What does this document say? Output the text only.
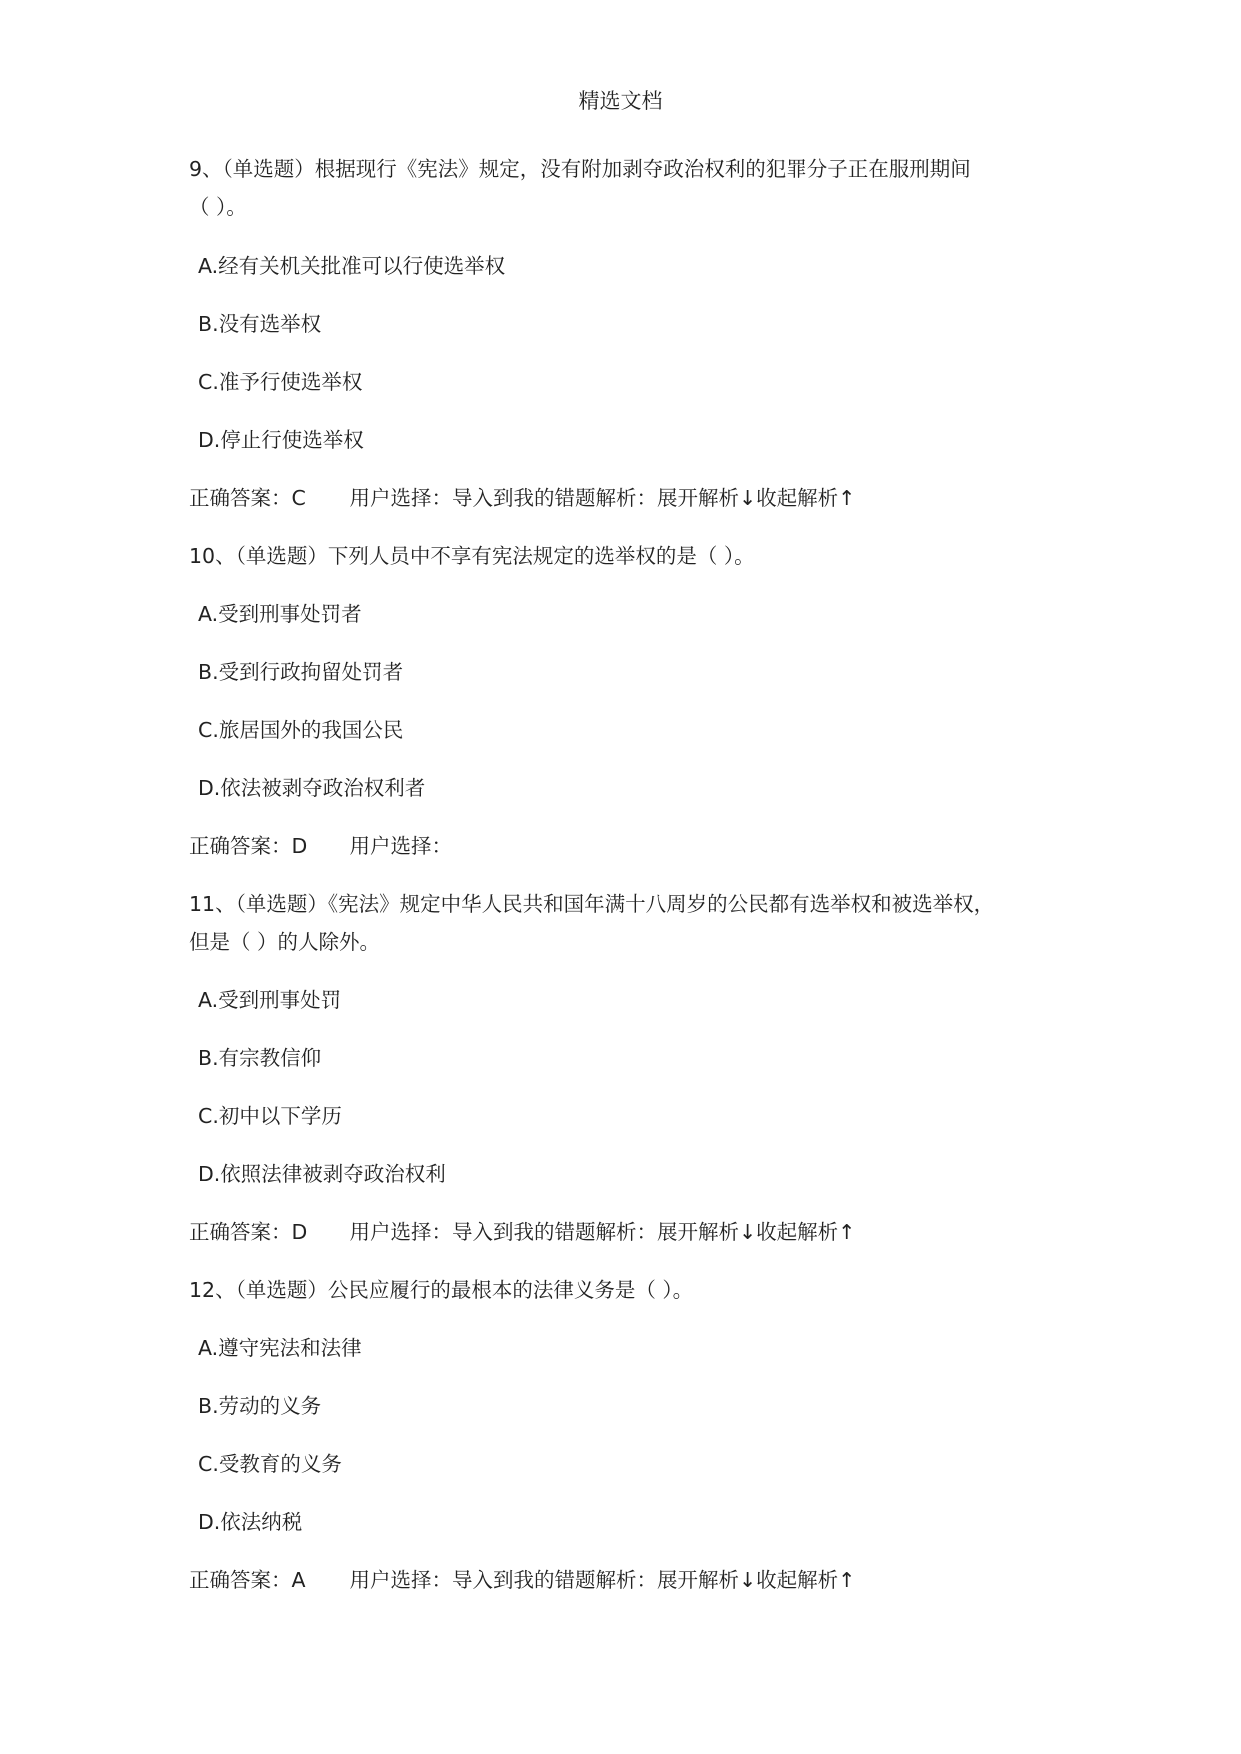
精选文档
9、（单选题）根据现行《宪法》规定，没有附加剥夺政治权利的犯罪分子正在服刑期间
（ ）。
A.经有关机关批准可以行使选举权
B.没有选举权
C.准予行使选举权
D.停止行使选举权
正确答案：C 用户选择：导入到我的错题解析：展开解析↓收起解析↑
10、（单选题）下列人员中不享有宪法规定的选举权的是（ ）。
A.受到刑事处罚者
B.受到行政拘留处罚者
C.旅居国外的我国公民
D.依法被剥夺政治权利者
正确答案：D 用户选择：
11、（单选题）《宪法》规定中华人民共和国年满十八周岁的公民都有选举权和被选举权，
但是（ ）的人除外。
A.受到刑事处罚
B.有宗教信仰
C.初中以下学历
D.依照法律被剥夺政治权利
正确答案：D 用户选择：导入到我的错题解析：展开解析↓收起解析↑
12、（单选题）公民应履行的最根本的法律义务是（ ）。
A.遵守宪法和法律
B.劳动的义务
C.受教育的义务
D.依法纳税
正确答案：A 用户选择：导入到我的错题解析：展开解析↓收起解析↑
